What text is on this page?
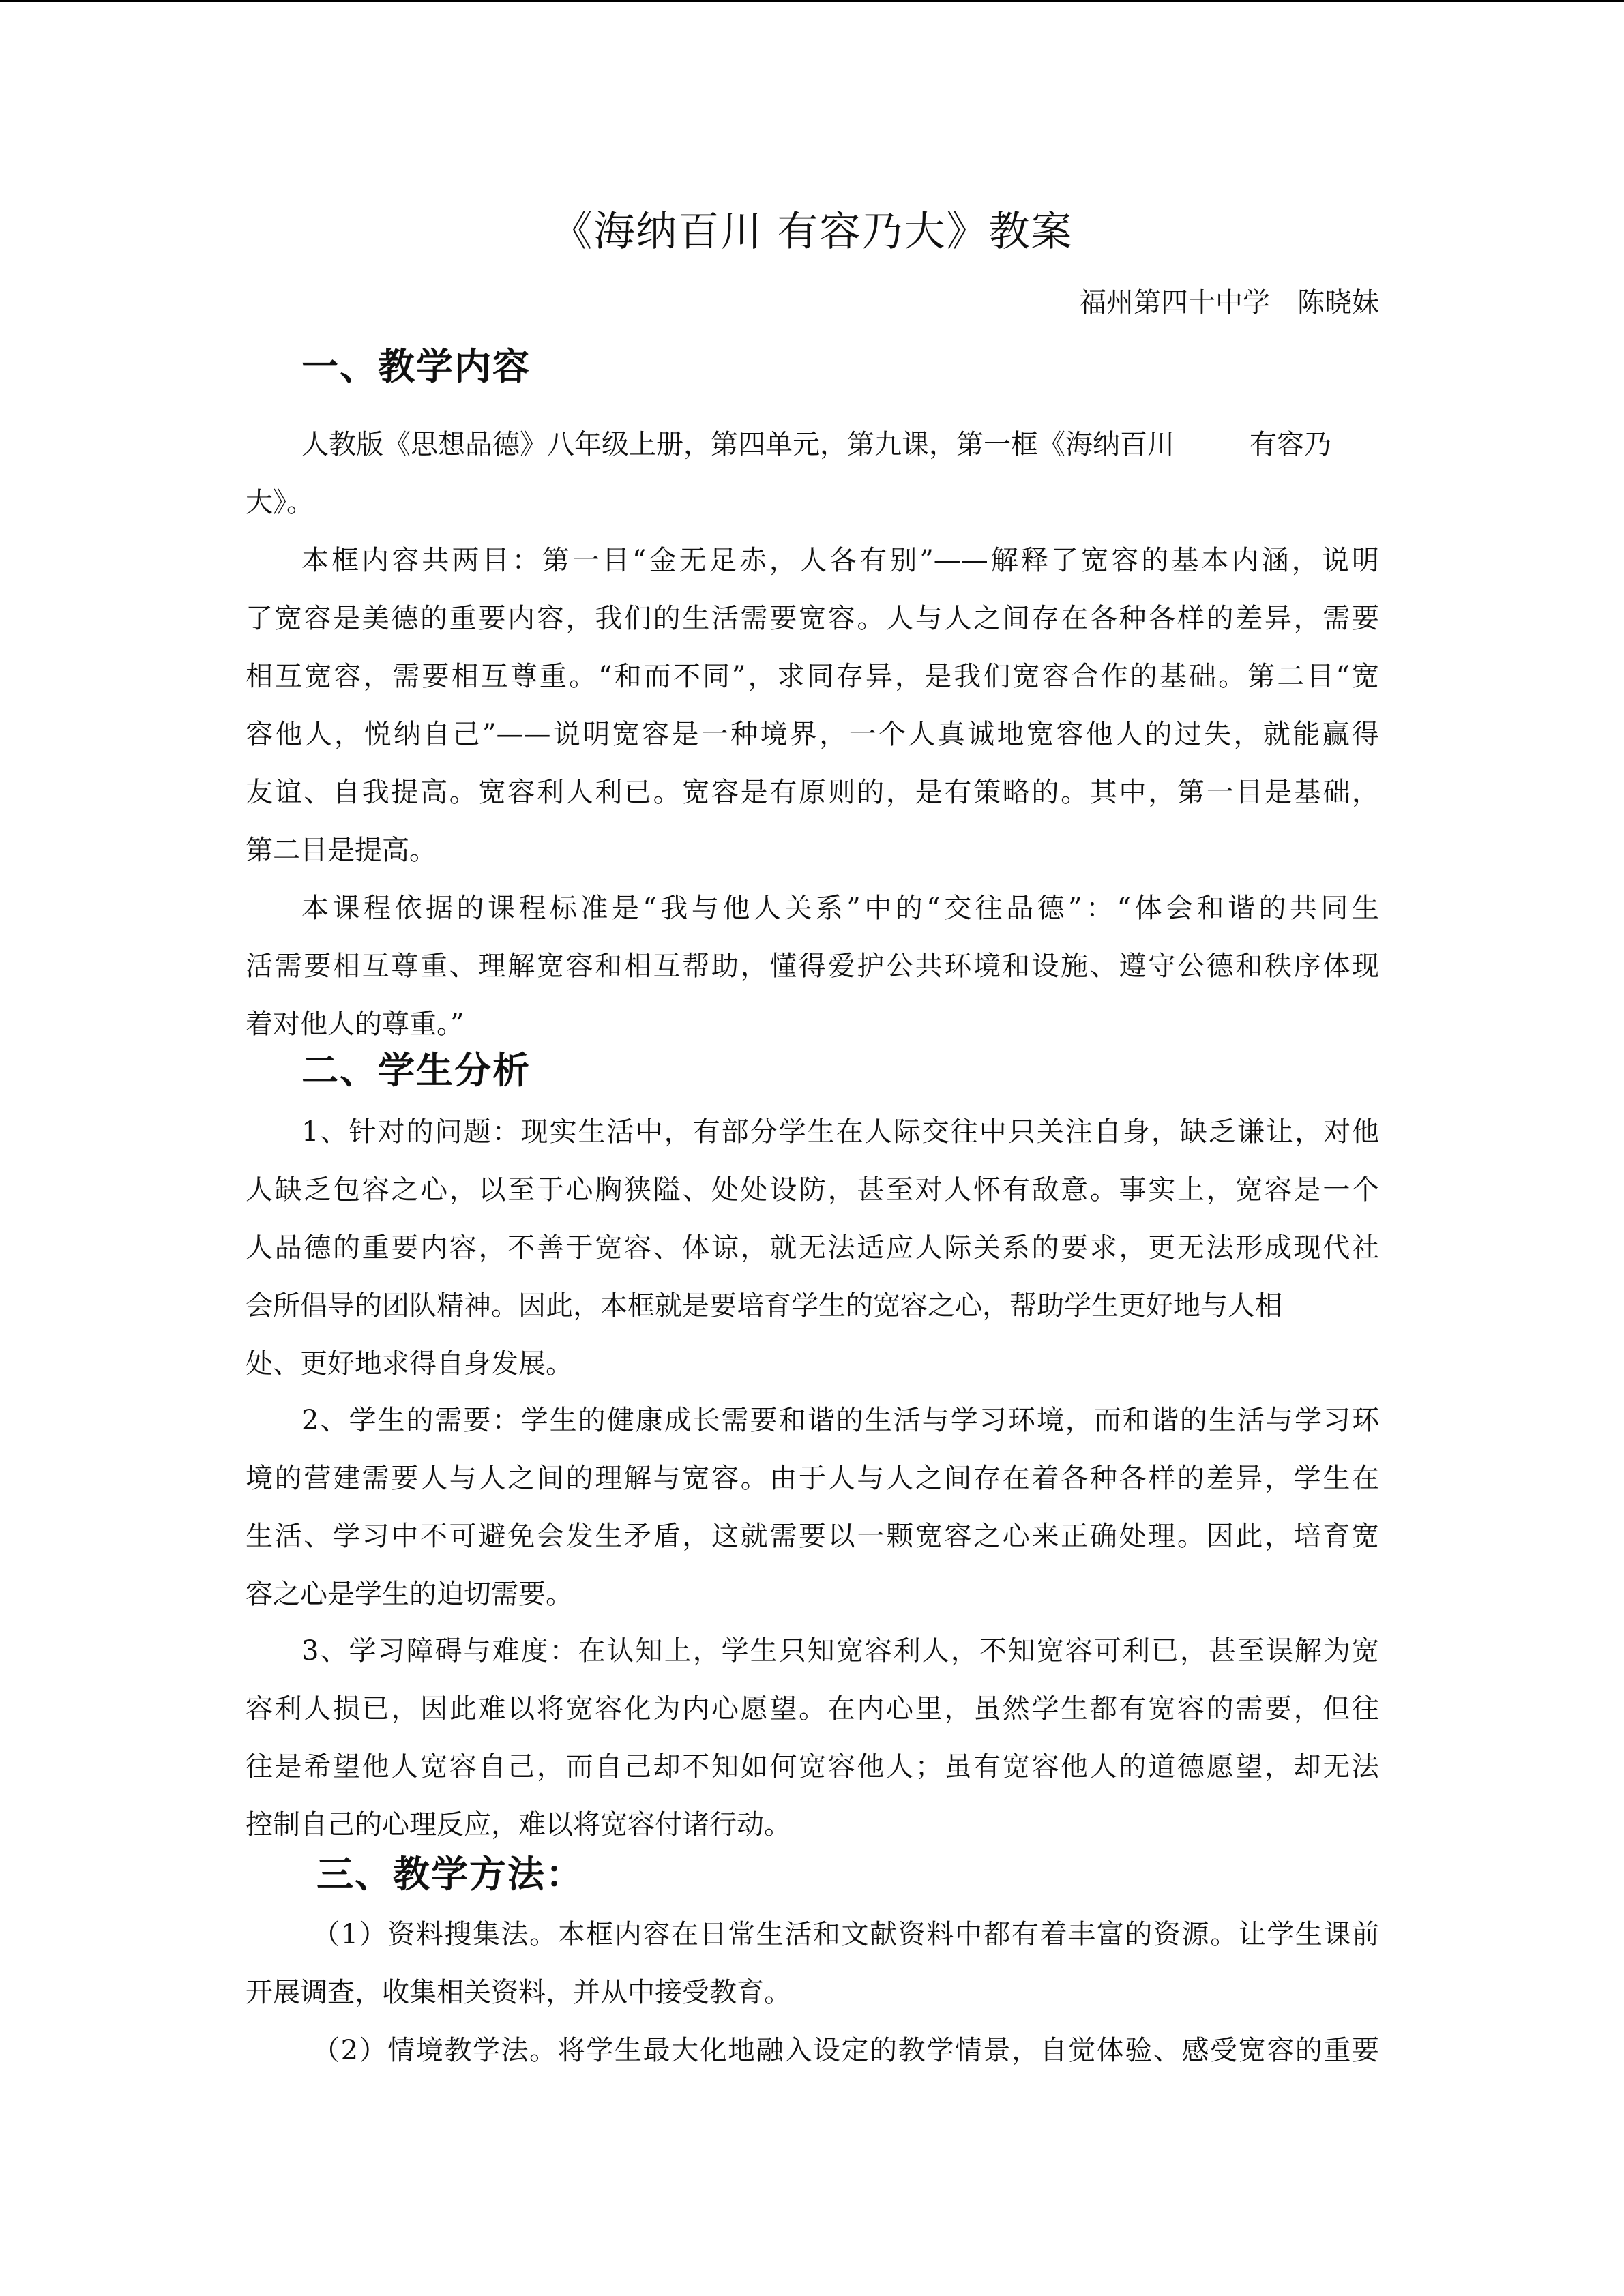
《海纳百川 有容乃大》教案
福州第四十中学 陈晓妹
一、教学内容
人教版《思想品德》八年级上册，第四单元，第九课，第一框《海纳百川	有容乃
大》。
本框内容共两目：第一目“金无足赤，人各有别”——解释了宽容的基本内涵，说明
了宽容是美德的重要内容，我们的生活需要宽容。人与人之间存在各种各样的差异，需要
相互宽容，需要相互尊重。“和而不同”，求同存异，是我们宽容合作的基础。第二目“宽
容他人，悦纳自己”——说明宽容是一种境界，一个人真诚地宽容他人的过失，就能赢得
友谊、自我提高。宽容利人利已。宽容是有原则的，是有策略的。其中，第一目是基础，
第二目是提高。
本课程依据的课程标准是“我与他人关系”中的“交往品德”：“体会和谐的共同生
活需要相互尊重、理解宽容和相互帮助，懂得爱护公共环境和设施、遵守公德和秩序体现
着对他人的尊重。”
二、学生分析
1、针对的问题：现实生活中，有部分学生在人际交往中只关注自身，缺乏谦让，对他
人缺乏包容之心，以至于心胸狭隘、处处设防，甚至对人怀有敌意。事实上，宽容是一个
人品德的重要内容，不善于宽容、体谅，就无法适应人际关系的要求，更无法形成现代社
会所倡导的团队精神。因此，本框就是要培育学生的宽容之心，帮助学生更好地与人相
处、更好地求得自身发展。
2、学生的需要：学生的健康成长需要和谐的生活与学习环境，而和谐的生活与学习环
境的营建需要人与人之间的理解与宽容。由于人与人之间存在着各种各样的差异，学生在
生活、学习中不可避免会发生矛盾，这就需要以一颗宽容之心来正确处理。因此，培育宽
容之心是学生的迫切需要。
3、学习障碍与难度：在认知上，学生只知宽容利人，不知宽容可利已，甚至误解为宽
容利人损已，因此难以将宽容化为内心愿望。在内心里，虽然学生都有宽容的需要，但往
往是希望他人宽容自己，而自己却不知如何宽容他人；虽有宽容他人的道德愿望，却无法
控制自己的心理反应，难以将宽容付诸行动。
三、教学方法：
（1）资料搜集法。本框内容在日常生活和文献资料中都有着丰富的资源。让学生课前
开展调查，收集相关资料，并从中接受教育。
（2）情境教学法。将学生最大化地融入设定的教学情景，自觉体验、感受宽容的重要
